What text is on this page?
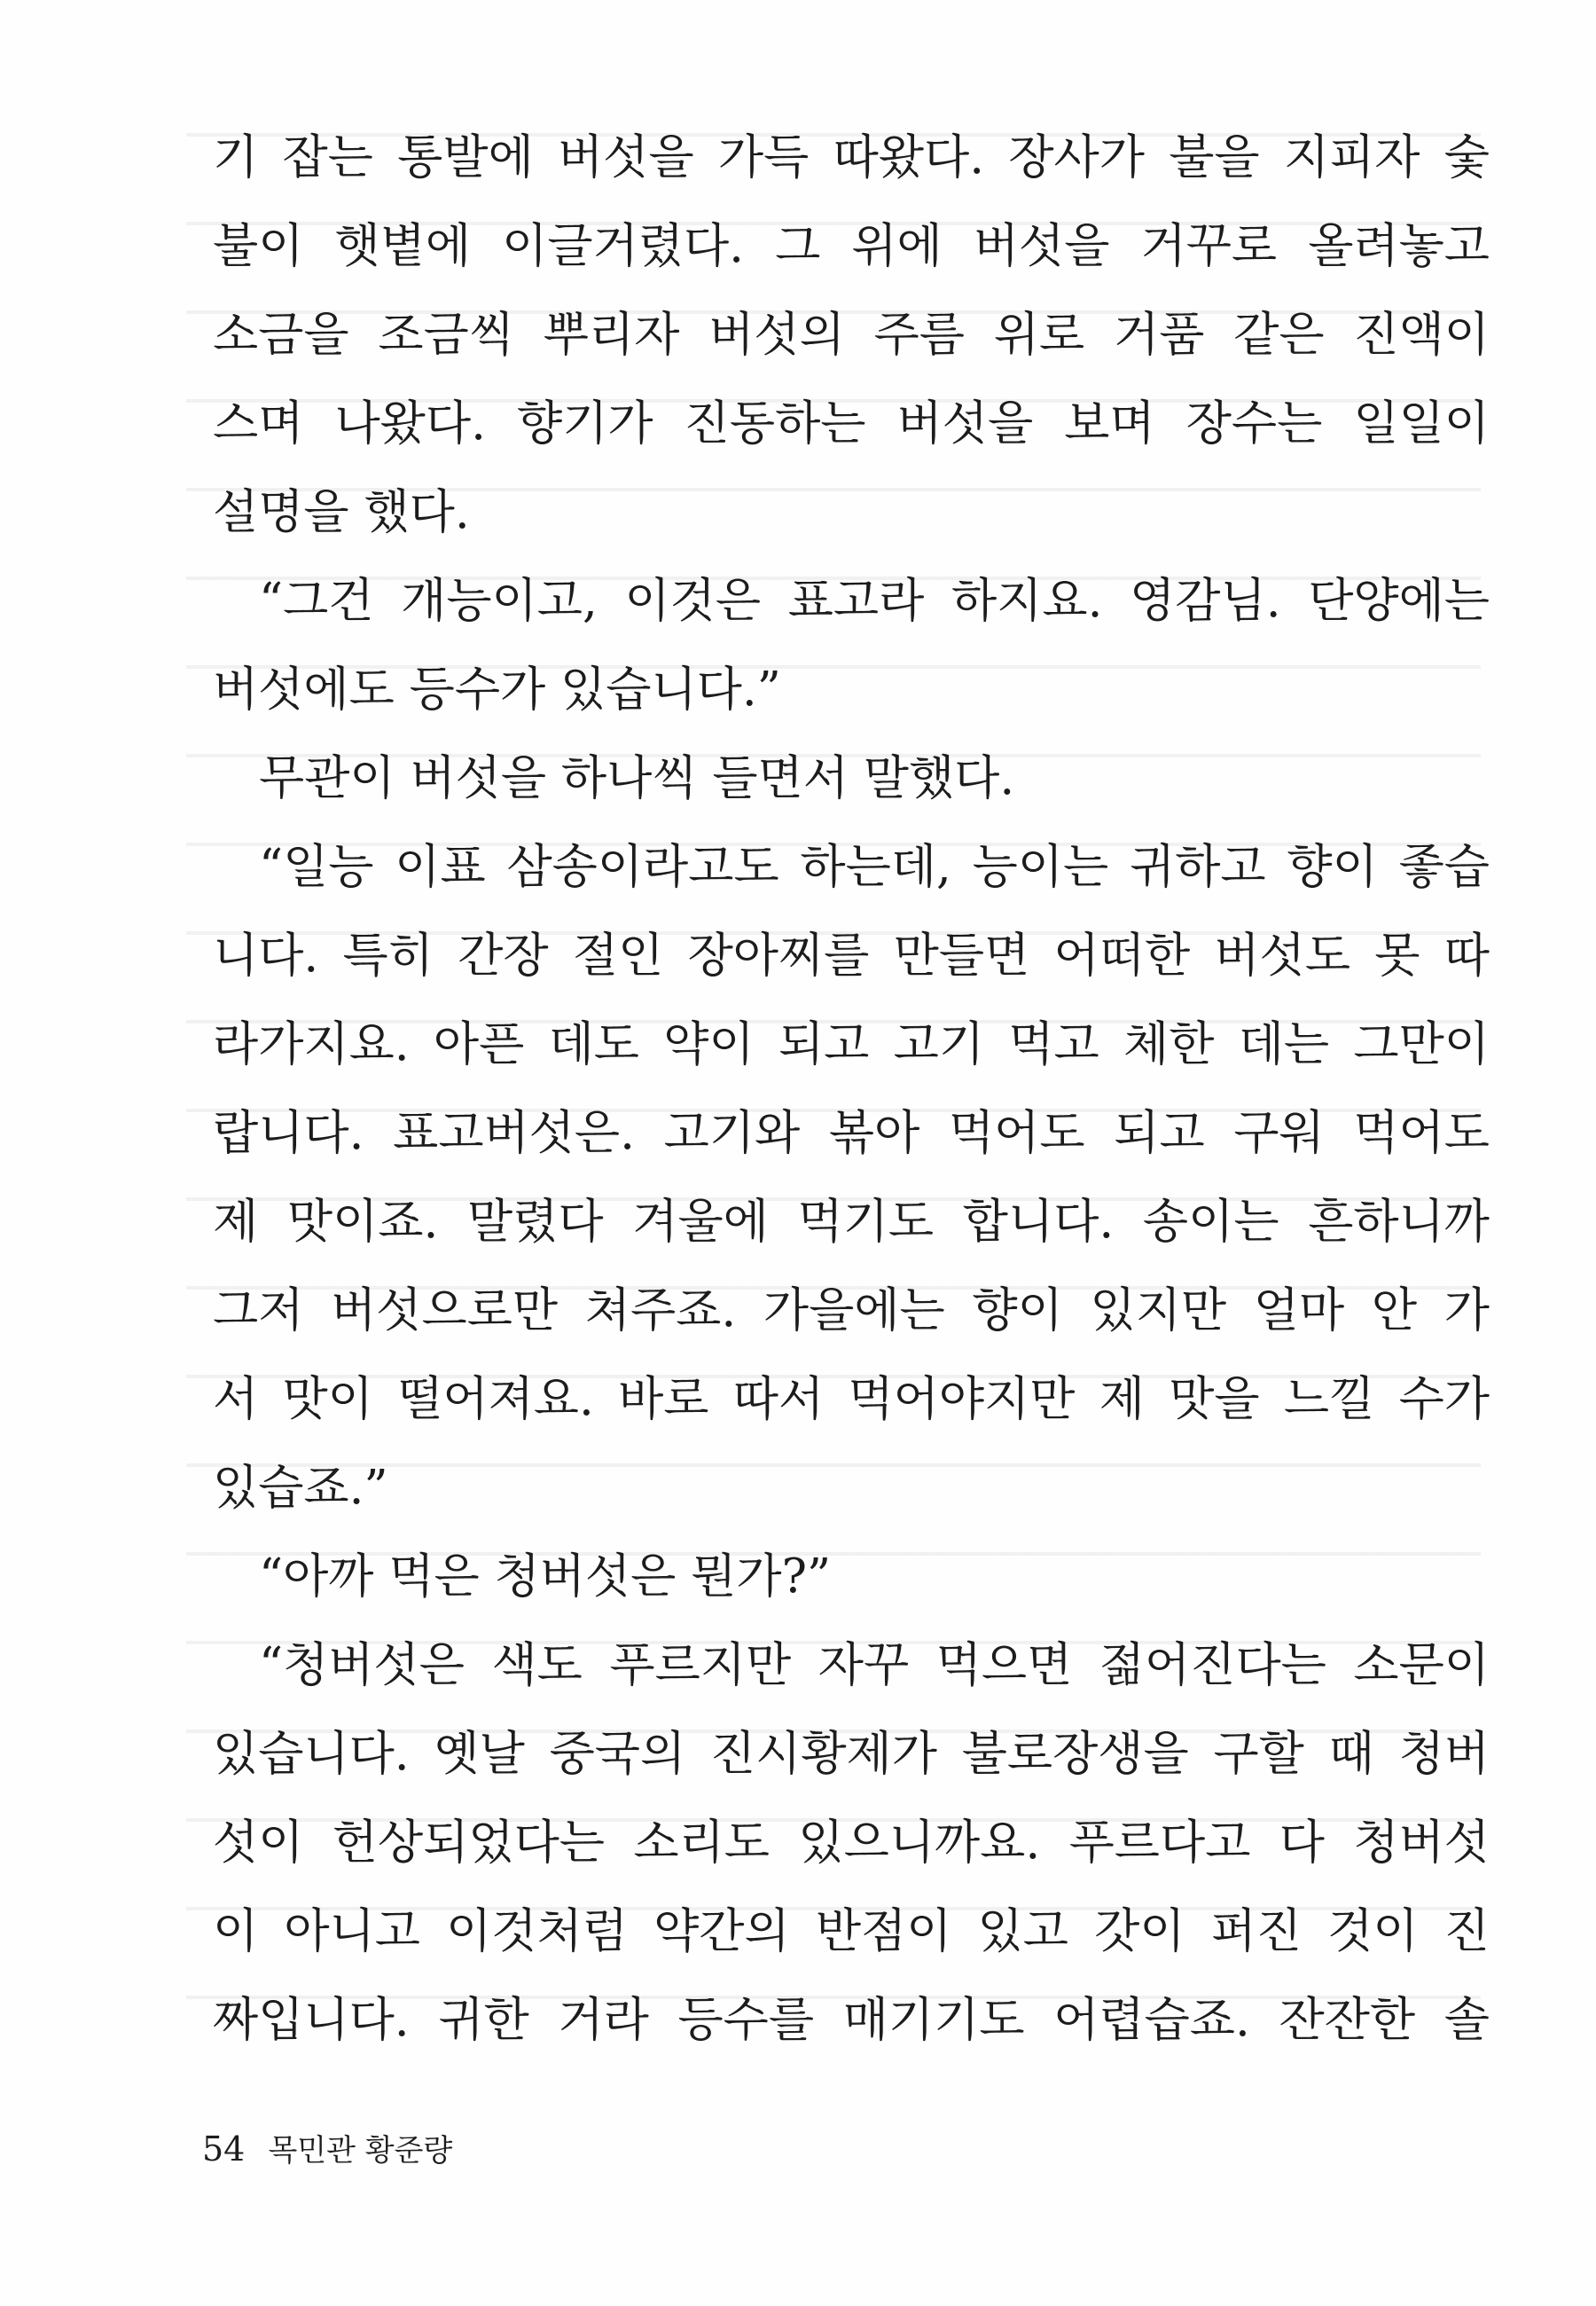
기 잡는 통발에 버섯을 가득 따왔다. 장사가 불을 지피자 숯
불이 햇볕에 이글거렸다. 그 위에 버섯을 거꾸로 올려놓고
소금을 조금씩 뿌리자 버섯의 주름 위로 거품 같은 진액이
스며 나왔다. 향기가 진동하는 버섯을 보며 장수는 일일이
설명을 했다.
“그건 개능이고, 이것은 표고라 하지요. 영감님. 단양에는
버섯에도 등수가 있습니다.”
무관이 버섯을 하나씩 들면서 말했다.
“일능 이표 삼송이라고도 하는데, 능이는 귀하고 향이 좋습
니다. 특히 간장 절인 장아찌를 만들면 어떠한 버섯도 못 따
라가지요. 아픈 데도 약이 되고 고기 먹고 체한 데는 그만이
랍니다. 표고버섯은. 고기와 볶아 먹어도 되고 구워 먹어도
제 맛이죠. 말렸다 겨울에 먹기도 합니다. 송이는 흔하니까
그저 버섯으로만 쳐주죠. 가을에는 향이 있지만 얼마 안 가
서 맛이 떨어져요. 바로 따서 먹어야지만 제 맛을 느낄 수가
있습죠.”
“아까 먹은 청버섯은 뭔가?”
“청버섯은 색도 푸르지만 자꾸 먹으면 젊어진다는 소문이
있습니다. 옛날 중국의 진시황제가 불로장생을 구할 때 청버
섯이 헌상되었다는 소리도 있으니까요. 푸르다고 다 청버섯
이 아니고 이것처럼 약간의 반점이 있고 갓이 퍼진 것이 진
짜입니다. 귀한 거라 등수를 매기기도 어렵습죠. 잔잔한 솔
54 목민관 황준량
